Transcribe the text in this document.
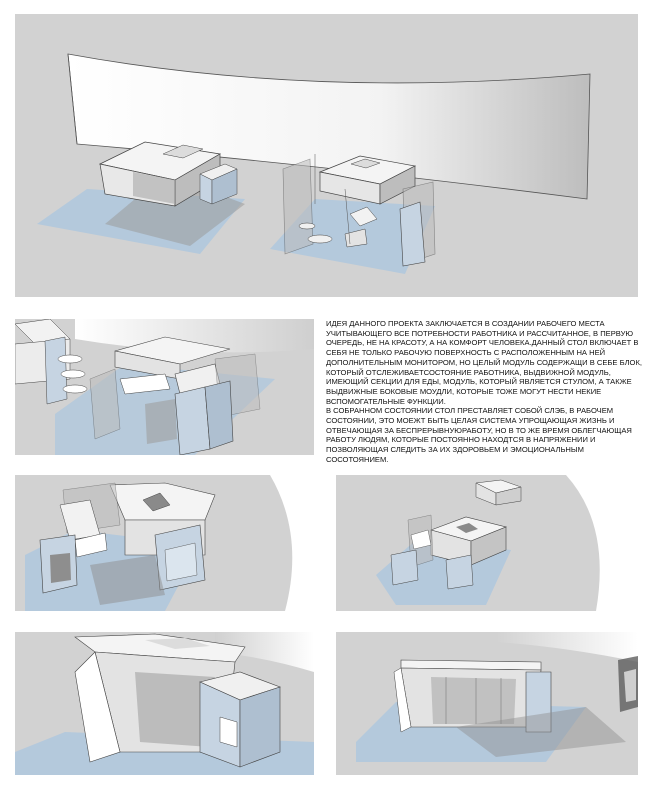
ИДЕЯ ДАННОГО ПРОЕКТА ЗАКЛЮЧАЕТСЯ В СОЗДАНИИ РАБОЧЕГО МЕСТА УЧИТЫВАЮЩЕГО ВСЕ ПОТРЕБНОСТИ РАБОТНИКА И РАССЧИТАННОЕ, В ПЕРВУЮ ОЧЕРЕДЬ, НЕ НА КРАСОТУ, А НА КОМФОРТ ЧЕЛОВЕКА.ДАННЫЙ СТОЛ ВКЛЮЧАЕТ В СЕБЯ НЕ ТОЛЬКО РАБОЧУЮ ПОВЕРХНОСТЬ С РАСПОЛОЖЕННЫМ НА НЕЙ ДОПОЛНИТЕЛЬНЫМ МОНИТОРОМ, НО ЦЕЛЫЙ МОДУЛЬ СОДЕРЖАЩИ В СЕБЕ БЛОК, КОТОРЫЙ ОТСЛЕЖИВАЕТСОСТОЯНИЕ РАБОТНИКА, ВЫДВИЖНОЙ МОДУЛЬ, ИМЕЮЩИЙ СЕКЦИИ ДЛЯ ЕДЫ, МОДУЛЬ, КОТОРЫЙ ЯВЛЯЕТСЯ СТУЛОМ, А ТАКЖЕ ВЫДВИЖНЫЕ БОКОВЫЕ МОУДЛИ, КОТОРЫЕ ТОЖЕ МОГУТ НЕСТИ НЕКИЕ ВСПОМОГАТЕЛЬНЫЕ ФУНКЦИИ.
В СОБРАННОМ СОСТОЯНИИ СТОЛ ПРЕСТАВЛЯЕТ СОБОЙ СЛЭБ, В РАБОЧЕМ СОСТОЯНИИ, ЭТО МОЕЖТ БЫТЬ ЦЕЛАЯ СИСТЕМА УПРОЩАЮЩАЯ ЖИЗНЬ И ОТВЕЧАЮЩАЯ ЗА БЕСПРЕРЫВНУЮРАБОТУ, НО В ТО ЖЕ ВРЕМЯ ОБЛЕГЧАЮЩАЯ РАБОТУ ЛЮДЯМ, КОТОРЫЕ ПОСТОЯННО НАХОДТСЯ В НАПРЯЖЕНИИ И ПОЗВОЛЯЮЩАЯ СЛЕДИТЬ ЗА ИХ ЗДОРОВЬЕМ И ЭМОЦИОНАЛЬНЫМ СОСОТОЯНИЕМ.
